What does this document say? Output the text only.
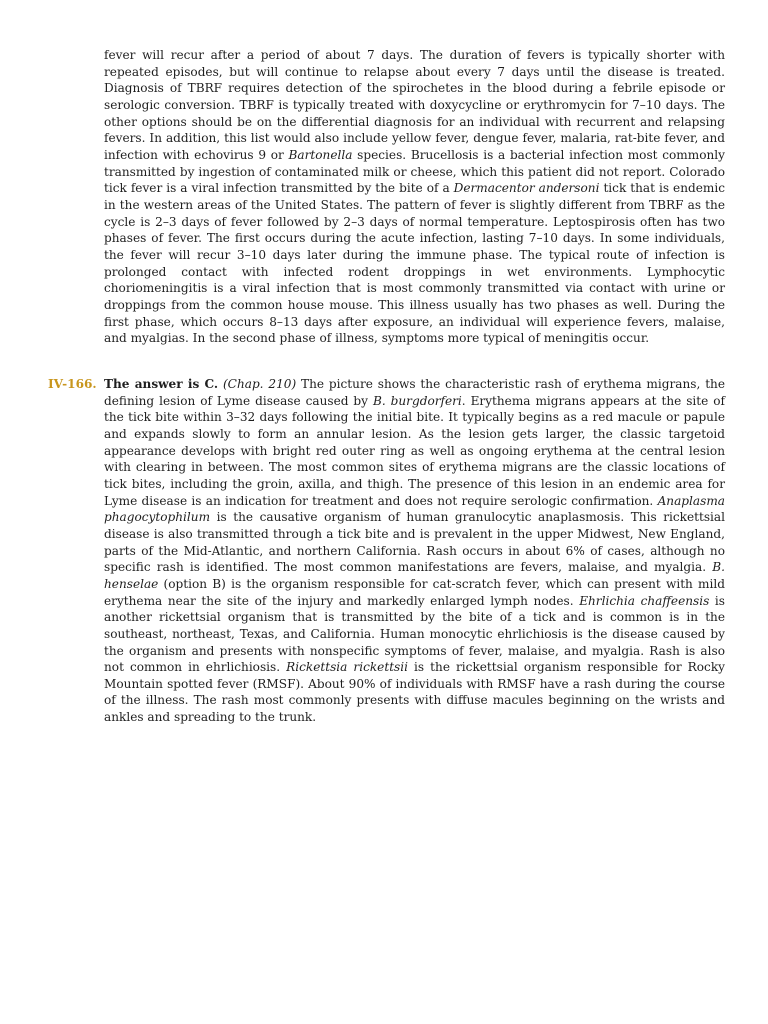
fever will recur after a period of about 7 days. The duration of fevers is typically shorter with repeated episodes, but will continue to relapse about every 7 days until the disease is treated. Diagnosis of TBRF requires detection of the spirochetes in the blood during a febrile episode or serologic conversion. TBRF is typically treated with doxycycline or erythromycin for 7–10 days. The other options should be on the differential diagnosis for an individual with recurrent and relapsing fevers. In addition, this list would also include yellow fever, dengue fever, malaria, rat-bite fever, and infection with echovirus 9 or Bartonella species. Brucellosis is a bacterial infection most commonly transmitted by ingestion of contaminated milk or cheese, which this patient did not report. Colorado tick fever is a viral infection transmitted by the bite of a Dermacentor andersoni tick that is endemic in the western areas of the United States. The pattern of fever is slightly different from TBRF as the cycle is 2–3 days of fever followed by 2–3 days of normal temperature. Leptospirosis often has two phases of fever. The first occurs during the acute infection, lasting 7–10 days. In some individuals, the fever will recur 3–10 days later during the immune phase. The typical route of infection is prolonged contact with infected rodent droppings in wet environments. Lymphocytic choriomeningitis is a viral infection that is most commonly transmitted via contact with urine or droppings from the common house mouse. This illness usually has two phases as well. During the first phase, which occurs 8–13 days after exposure, an individual will experience fevers, malaise, and myalgias. In the second phase of illness, symptoms more typical of meningitis occur.

IV-166. The answer is C. (Chap. 210) The picture shows the characteristic rash of erythema migrans, the defining lesion of Lyme disease caused by B. burgdorferi. Erythema migrans appears at the site of the tick bite within 3–32 days following the initial bite. It typically begins as a red macule or papule and expands slowly to form an annular lesion. As the lesion gets larger, the classic targetoid appearance develops with bright red outer ring as well as ongoing erythema at the central lesion with clearing in between. The most common sites of erythema migrans are the classic locations of tick bites, including the groin, axilla, and thigh. The presence of this lesion in an endemic area for Lyme disease is an indication for treatment and does not require serologic confirmation. Anaplasma phagocytophilum is the causative organism of human granulocytic anaplasmosis. This rickettsial disease is also transmitted through a tick bite and is prevalent in the upper Midwest, New England, parts of the Mid-Atlantic, and northern California. Rash occurs in about 6% of cases, although no specific rash is identified. The most common manifestations are fevers, malaise, and myalgia. B. henselae (option B) is the organism responsible for cat-scratch fever, which can present with mild erythema near the site of the injury and markedly enlarged lymph nodes. Ehrlichia chaffeensis is another rickettsial organism that is transmitted by the bite of a tick and is common is in the southeast, northeast, Texas, and California. Human monocytic ehrlichiosis is the disease caused by the organism and presents with nonspecific symptoms of fever, malaise, and myalgia. Rash is also not common in ehrlichiosis. Rickettsia rickettsii is the rickettsial organism responsible for Rocky Mountain spotted fever (RMSF). About 90% of individuals with RMSF have a rash during the course of the illness. The rash most commonly presents with diffuse macules beginning on the wrists and ankles and spreading to the trunk.
